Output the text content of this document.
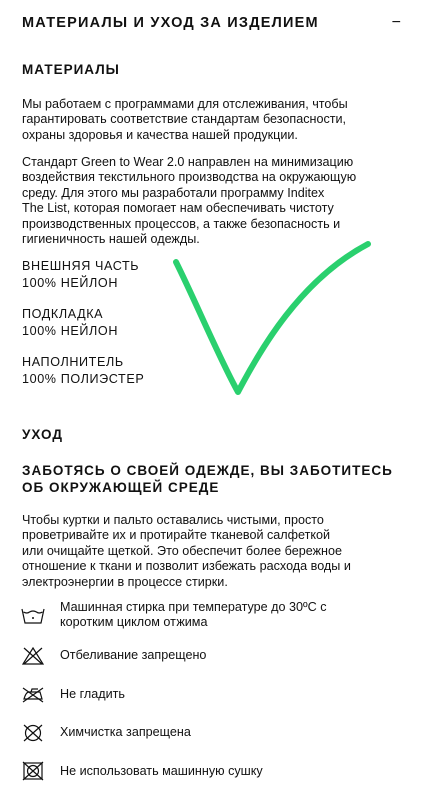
МАТЕРИАЛЫ И УХОД ЗА ИЗДЕЛИЕМ	−
МАТЕРИАЛЫ

Мы работаем с программами для отслеживания, чтобы

гарантировать соответствие стандартам безопасности,

охраны здоровья и качества нашей продукции.

Стандарт Green to Wear 2.0 направлен на минимизацию

воздействия текстильного производства на окружающую

среду. Для этого мы разработали программу Inditex

The List, которая помогает нам обеспечивать чистоту

производственных процессов, а также безопасность и

гигиеничность нашей одежды.

ВНЕШНЯЯ ЧАСТЬ
100% НЕЙЛОН
ПОДКЛАДКА
100% НЕЙЛОН
НАПОЛНИТЕЛЬ
100% ПОЛИЭСТЕР
УХОД
ЗАБОТЯСЬ О СВОЕЙ ОДЕЖДЕ, ВЫ ЗАБОТИТЕСЬ
ОБ ОКРУЖАЮЩЕЙ СРЕДЕ

Чтобы куртки и пальто оставались чистыми, просто

проветривайте их и протирайте тканевой салфеткой

или очищайте щеткой. Это обеспечит более бережное

отношение к ткани и позволит избежать расхода воды и

электроэнергии в процессе стирки.

Машинная стирка при температуре до 30ºC с
коротким циклом отжима
Отбеливание запрещено
Не гладить
Химчистка запрещена
Не использовать машинную сушку
